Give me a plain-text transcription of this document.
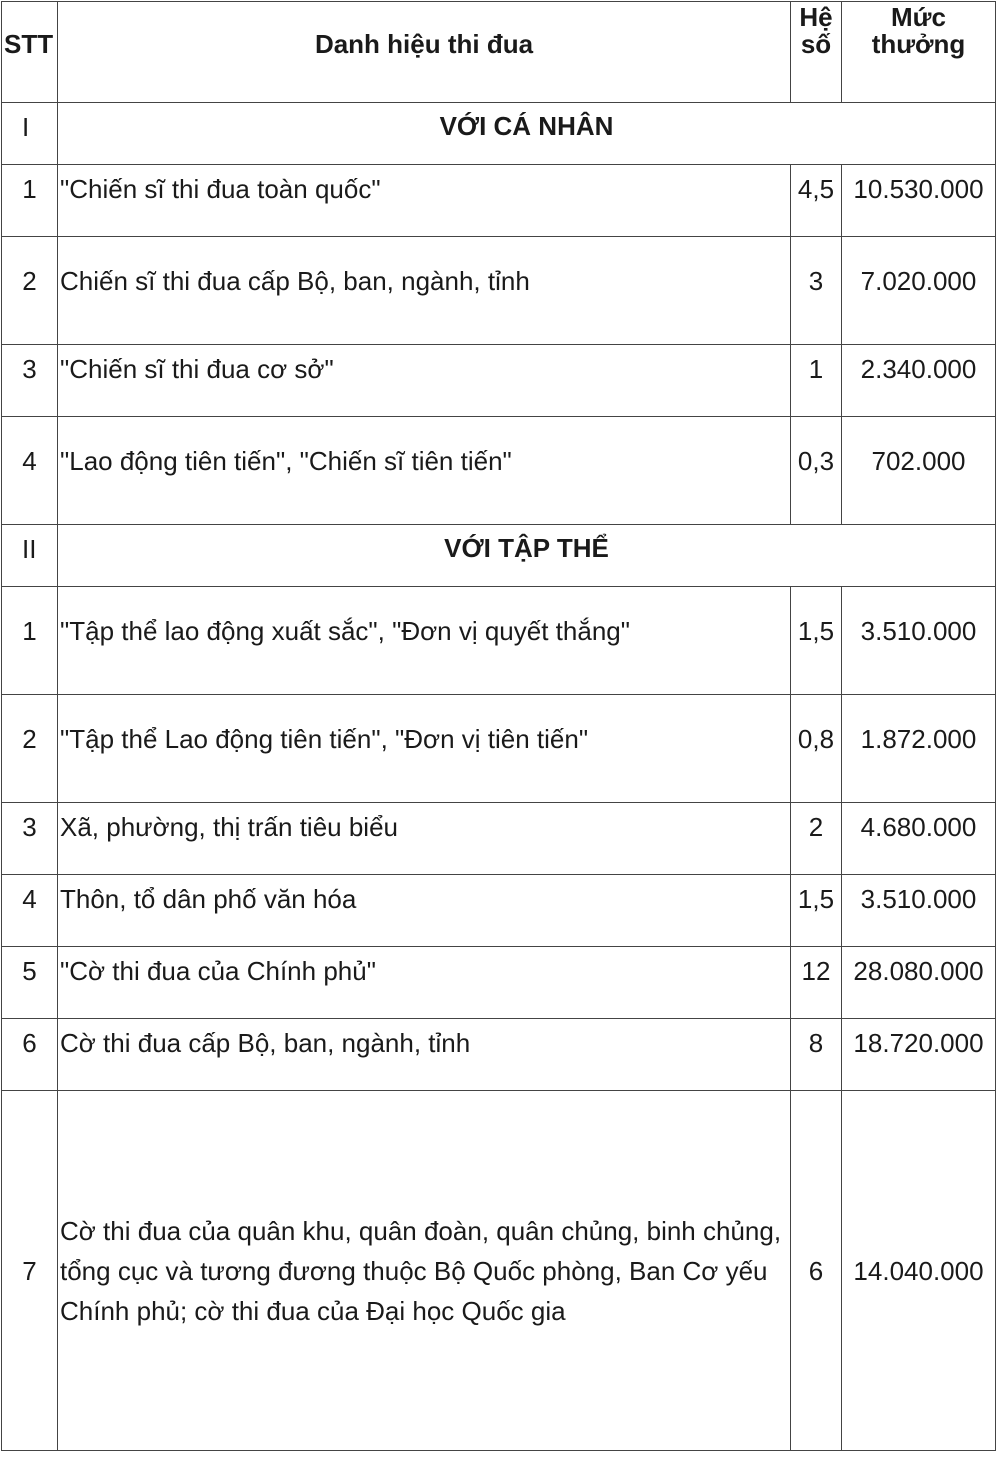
STT	Danh hiệu thi đua	Hệ số	Mức thưởng
I	VỚI CÁ NHÂN		
1	"Chiến sĩ thi đua toàn quốc"	4,5	10.530.000
2	Chiến sĩ thi đua cấp Bộ, ban, ngành, tỉnh	3	7.020.000
3	"Chiến sĩ thi đua cơ sở"	1	2.340.000
4	"Lao động tiên tiến", "Chiến sĩ tiên tiến"	0,3	702.000
II	VỚI TẬP THỂ		
1	"Tập thể lao động xuất sắc", "Đơn vị quyết thắng"	1,5	3.510.000
2	"Tập thể Lao động tiên tiến", "Đơn vị tiên tiến"	0,8	1.872.000
3	Xã, phường, thị trấn tiêu biểu	2	4.680.000
4	Thôn, tổ dân phố văn hóa	1,5	3.510.000
5	"Cờ thi đua của Chính phủ"	12	28.080.000
6	Cờ thi đua cấp Bộ, ban, ngành, tỉnh	8	18.720.000
7	Cờ thi đua của quân khu, quân đoàn, quân chủng, binh chủng, tổng cục và tương đương thuộc Bộ Quốc phòng, Ban Cơ yếu Chính phủ; cờ thi đua của Đại học Quốc gia	6	14.040.000
